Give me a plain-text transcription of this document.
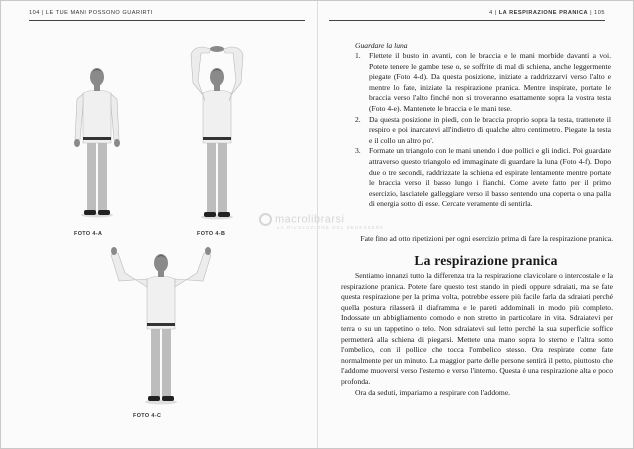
104 | LE TUE MANI POSSONO GUARIRTI	4 | LA RESPIRAZIONE PRANICA | 105
FOTO 4-A	FOTO 4-B
FOTO 4-C
macrolibrarsi
LA RIVOLUZIONE DEL BENESSERE
Guardare la luna
1. Flettete il busto in avanti, con le braccia e le mani morbide davanti a voi. Potete tenere le gambe tese o, se soffrite di mal di schiena, anche leggermente piegate (Foto 4-d). Da questa posizione, iniziate a raddrizzarvi verso l'alto e mentre lo fate, iniziate la respirazione pranica. Mentre inspirate, portate le braccia verso l'alto finché non si troveranno esattamente sopra la vostra testa (Foto 4-e). Mantenete le braccia e le mani tese.
2. Da questa posizione in piedi, con le braccia proprio sopra la testa, trattenete il respiro e poi inarcatevi all'indietro di qualche altro centimetro. Piegate la testa e il collo un altro po'.
3. Formate un triangolo con le mani unendo i due pollici e gli indici. Poi guardate attraverso questo triangolo ed immaginate di guardare la luna (Foto 4-f). Dopo due o tre secondi, raddrizzate la schiena ed espirate lentamente mentre portate le braccia verso il basso lungo i fianchi. Come avete fatto per il primo esercizio, lasciatele galleggiare verso il basso sentendo una coperta o una palla di energia sotto di esse. Cercate veramente di sentirla.
Fate fino ad otto ripetizioni per ogni esercizio prima di fare la respirazione pranica.
La respirazione pranica

Sentiamo innanzi tutto la differenza tra la respirazione clavicolare o intercostale e la respirazione pranica. Potete fare questo test stando in piedi oppure sdraiati, ma se fate questa respirazione per la prima volta, potrebbe essere più facile farla da sdraiati perché quella postura rilasserà il diaframma e le pareti addominali in modo più completo. Indossate un abbigliamento comodo e non stretto in particolare in vita. Sdraiatevi per terra o su un tappetino o telo. Non sdraiatevi sul letto perché la sua superficie soffice permetterà alla schiena di piegarsi. Mettete una mano sopra lo sterno e l'altra sotto l'ombelico, con il pollice che tocca l'ombelico stesso. Ora respirate come fate normalmente per un minuto. La maggior parte delle persone sentirà il petto, piuttosto che l'addome muoversi verso l'esterno e verso l'interno. Questa è una respirazione alta e poco profonda.

Ora da seduti, impariamo a respirare con l'addome.
